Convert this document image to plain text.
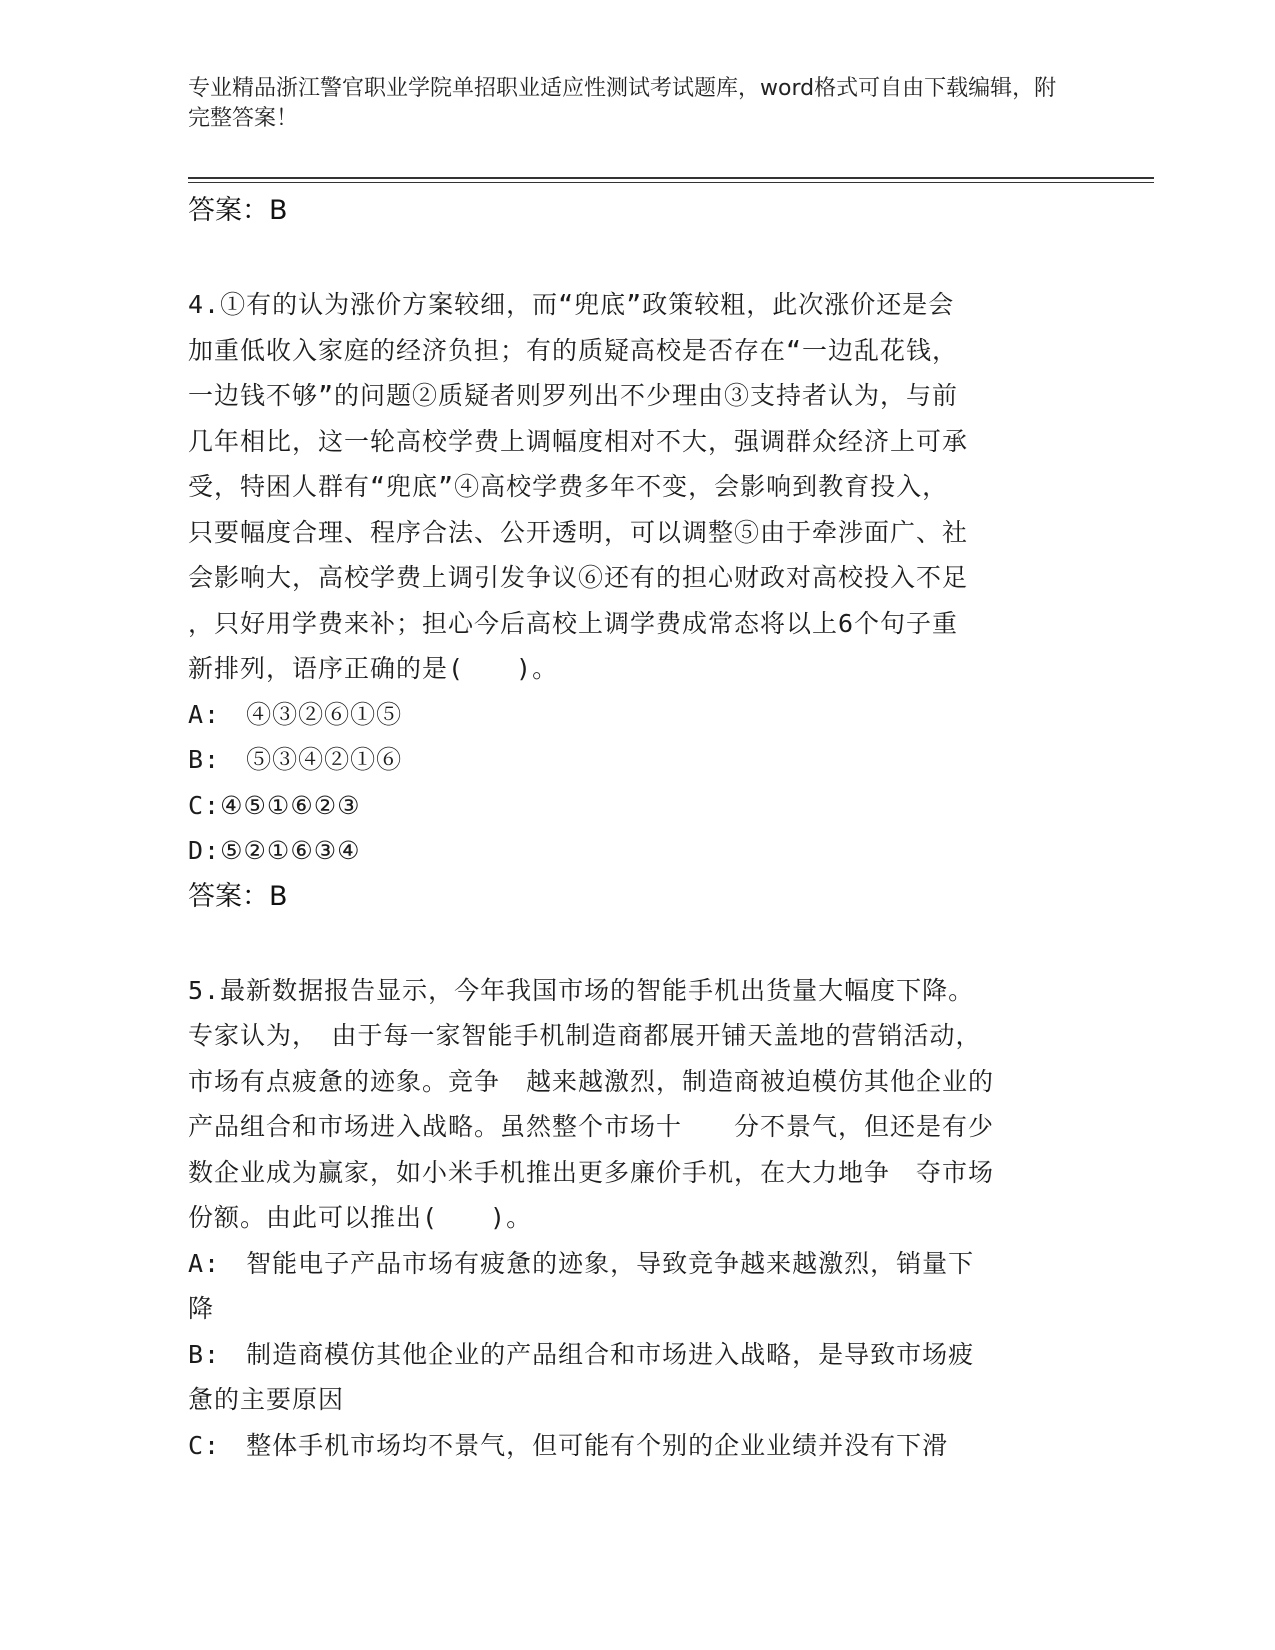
专业精品浙江警官职业学院单招职业适应性测试考试题库，word格式可自由下载编辑，附完整答案！

答案：B

4.①有的认为涨价方案较细，而“兜底”政策较粗，此次涨价还是会

加重低收入家庭的经济负担；有的质疑高校是否存在“一边乱花钱，

一边钱不够”的问题②质疑者则罗列出不少理由③支持者认为，与前

几年相比，这一轮高校学费上调幅度相对不大，强调群众经济上可承

受，特困人群有“兜底”④高校学费多年不变，会影响到教育投入，

只要幅度合理、程序合法、公开透明，可以调整⑤由于牵涉面广、社

会影响大，高校学费上调引发争议⑥还有的担心财政对高校投入不足

，只好用学费来补；担心今后高校上调学费成常态将以上6个句子重

新排列，语序正确的是(　　)。

A:　④③②⑥①⑤

B:　⑤③④②①⑥

C:④⑤①⑥②③

D:⑤②①⑥③④

答案：B

5.最新数据报告显示，今年我国市场的智能手机出货量大幅度下降。

专家认为，　由于每一家智能手机制造商都展开铺天盖地的营销活动，

市场有点疲惫的迹象。竞争　越来越激烈，制造商被迫模仿其他企业的

产品组合和市场进入战略。虽然整个市场十　　分不景气，但还是有少

数企业成为赢家，如小米手机推出更多廉价手机，在大力地争　夺市场

份额。由此可以推出(　　)。

A:　智能电子产品市场有疲惫的迹象，导致竞争越来越激烈，销量下

降

B:　制造商模仿其他企业的产品组合和市场进入战略，是导致市场疲

惫的主要原因

C:　整体手机市场均不景气，但可能有个别的企业业绩并没有下滑
